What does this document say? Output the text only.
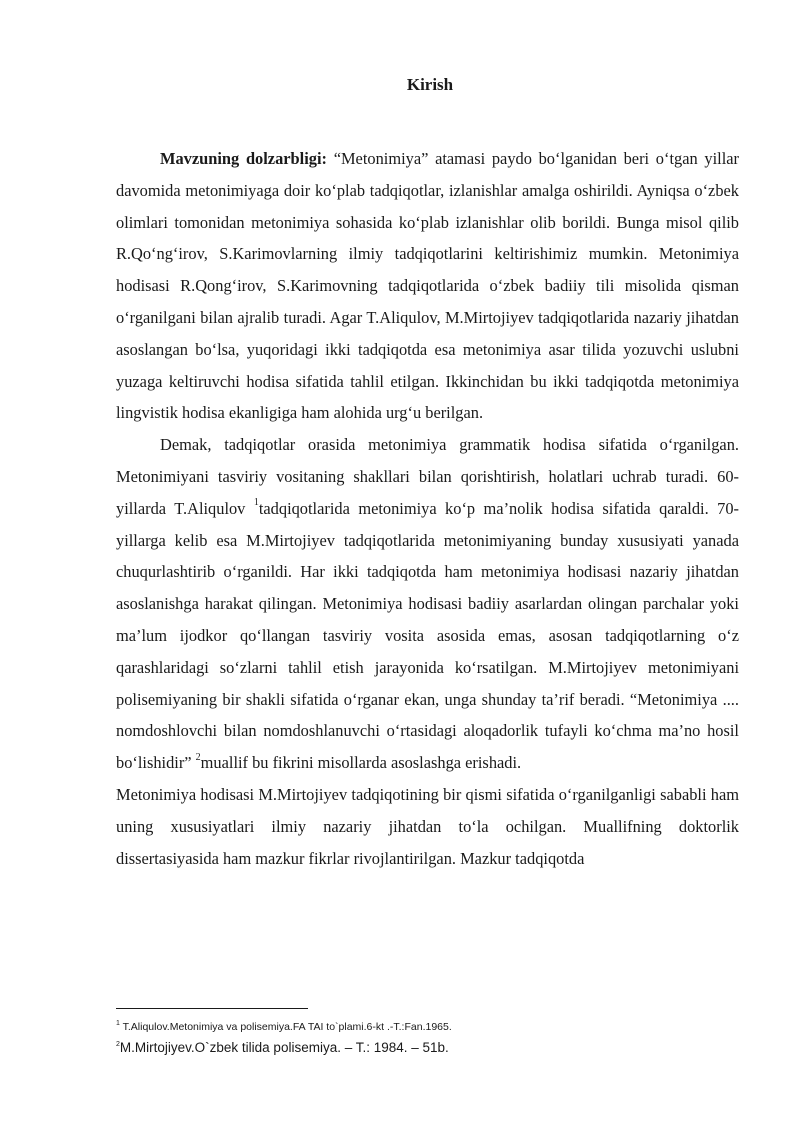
Kirish

Mavzuning dolzarbligi: “Metonimiya” atamasi paydo bo‘lganidan beri o‘tgan yillar davomida metonimiyaga doir ko‘plab tadqiqotlar, izlanishlar amalga oshirildi. Ayniqsa o‘zbek olimlari tomonidan metonimiya sohasida ko‘plab izlanishlar olib borildi. Bunga misol qilib R.Qo‘ng‘irov, S.Karimovlarning ilmiy tadqiqotlarini keltirishimiz mumkin. Metonimiya hodisasi R.Qong‘irov, S.Karimovning tadqiqotlarida o‘zbek badiiy tili misolida qisman o‘rganilgani bilan ajralib turadi. Agar T.Aliqulov, M.Mirtojiyev tadqiqotlarida nazariy jihatdan asoslangan bo‘lsa, yuqoridagi ikki tadqiqotda esa metonimiya asar tilida yozuvchi uslubni yuzaga keltiruvchi hodisa sifatida tahlil etilgan. Ikkinchidan bu ikki tadqiqotda metonimiya lingvistik hodisa ekanligiga ham alohida urg‘u berilgan.

Demak, tadqiqotlar orasida metonimiya grammatik hodisa sifatida o‘rganilgan. Metonimiyani tasviriy vositaning shakllari bilan qorishtirish, holatlari uchrab turadi. 60-yillarda T.Aliqulov $^1$tadqiqotlarida metonimiya ko‘p ma’nolik hodisa sifatida qaraldi. 70-yillarga kelib esa M.Mirtojiyev tadqiqotlarida metonimiyaning bunday xususiyati yanada chuqurlashtirib o‘rganildi. Har ikki tadqiqotda ham metonimiya hodisasi nazariy jihatdan asoslanishga harakat qilingan. Metonimiya hodisasi badiiy asarlardan olingan parchalar yoki ma’lum ijodkor qo‘llangan tasviriy vosita asosida emas, asosan tadqiqotlarning o‘z qarashlaridagi so‘zlarni tahlil etish jarayonida ko‘rsatilgan. M.Mirtojiyev metonimiyani polisemiyaning bir shakli sifatida o‘rganar ekan, unga shunday ta’rif beradi. “Metonimiya .... nomdoshlovchi bilan nomdoshlanuvchi o‘rtasidagi aloqadorlik tufayli ko‘chma ma’no hosil bo‘lishidir” $^2$muallif bu fikrini misollarda asoslashga erishadi.

Metonimiya hodisasi M.Mirtojiyev tadqiqotining bir qismi sifatida o‘rganilganligi sababli ham uning xususiyatlari ilmiy nazariy jihatdan to‘la ochilgan. Muallifning doktorlik dissertasiyasida ham mazkur fikrlar rivojlantirilgan. Mazkur tadqiqotda

$^1$ T.Aliqulov.Metonimiya va polisemiya.FA TAI to`plami.6-kt .-T.:Fan.1965.
$^2$M.Mirtojiyev.O`zbek tilida polisemiya. – T.: 1984. – 51b.
